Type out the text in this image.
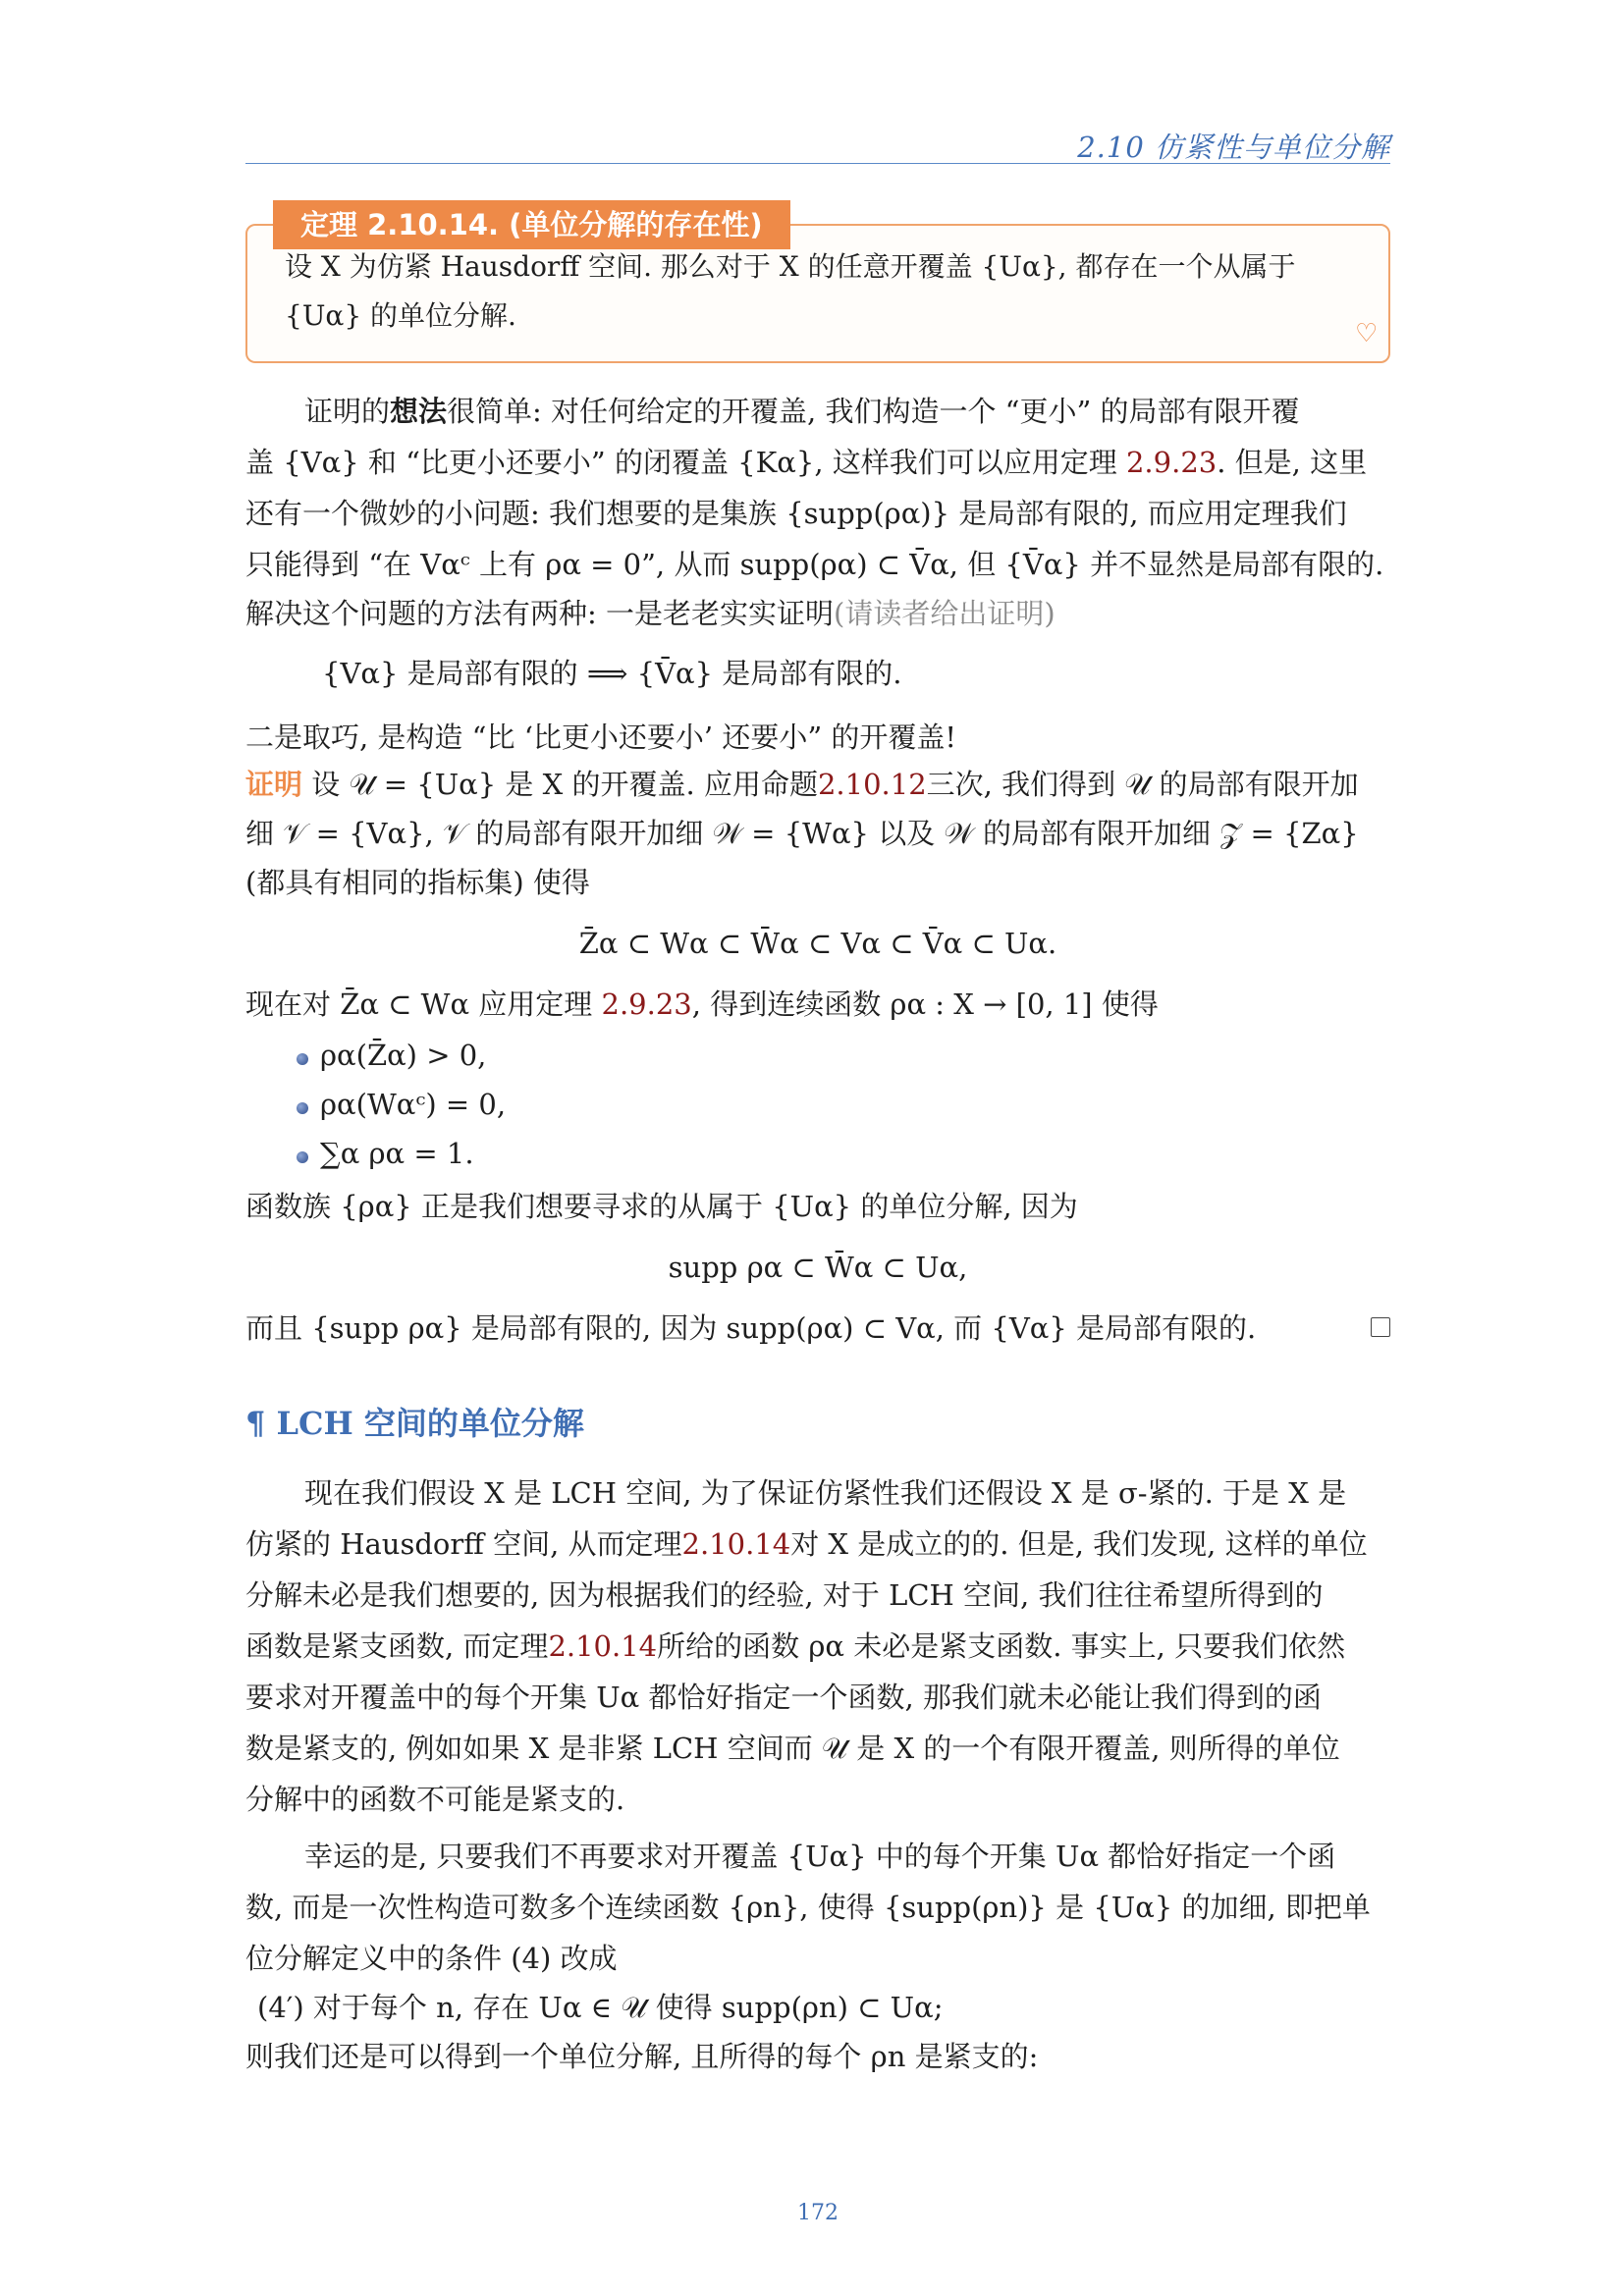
2.10 仿紧性与单位分解
定理 2.10.14. (单位分解的存在性)
设 X 为仿紧 Hausdorff 空间. 那么对于 X 的任意开覆盖 {Uα}, 都存在一个从属于
{Uα} 的单位分解.
♡
证明的想法很简单: 对任何给定的开覆盖, 我们构造一个 “更小” 的局部有限开覆
盖 {Vα} 和 “比更小还要小” 的闭覆盖 {Kα}, 这样我们可以应用定理 2.9.23. 但是, 这里
还有一个微妙的小问题: 我们想要的是集族 {supp(ρα)} 是局部有限的, 而应用定理我们
只能得到 “在 Vαᶜ 上有 ρα = 0”, 从而 supp(ρα) ⊂ V̄α, 但 {V̄α} 并不显然是局部有限的.
解决这个问题的方法有两种: 一是老老实实证明(请读者给出证明)
{Vα} 是局部有限的 ⟹ {V̄α} 是局部有限的.
二是取巧, 是构造 “比 ‘比更小还要小’ 还要小” 的开覆盖!
证明 设 𝒰 = {Uα} 是 X 的开覆盖. 应用命题2.10.12三次, 我们得到 𝒰 的局部有限开加
细 𝒱 = {Vα}, 𝒱 的局部有限开加细 𝒲 = {Wα} 以及 𝒲 的局部有限开加细 𝒵 = {Zα}
(都具有相同的指标集) 使得
Z̄α ⊂ Wα ⊂ W̄α ⊂ Vα ⊂ V̄α ⊂ Uα.
现在对 Z̄α ⊂ Wα 应用定理 2.9.23, 得到连续函数 ρα : X → [0, 1] 使得
ρα(Z̄α) > 0,
ρα(Wαᶜ) = 0,
∑α ρα = 1.
函数族 {ρα} 正是我们想要寻求的从属于 {Uα} 的单位分解, 因为
supp ρα ⊂ W̄α ⊂ Uα,
而且 {supp ρα} 是局部有限的, 因为 supp(ρα) ⊂ Vα, 而 {Vα} 是局部有限的.
¶ LCH 空间的单位分解
现在我们假设 X 是 LCH 空间, 为了保证仿紧性我们还假设 X 是 σ-紧的. 于是 X 是
仿紧的 Hausdorff 空间, 从而定理2.10.14对 X 是成立的的. 但是, 我们发现, 这样的单位
分解未必是我们想要的, 因为根据我们的经验, 对于 LCH 空间, 我们往往希望所得到的
函数是紧支函数, 而定理2.10.14所给的函数 ρα 未必是紧支函数. 事实上, 只要我们依然
要求对开覆盖中的每个开集 Uα 都恰好指定一个函数, 那我们就未必能让我们得到的函
数是紧支的, 例如如果 X 是非紧 LCH 空间而 𝒰 是 X 的一个有限开覆盖, 则所得的单位
分解中的函数不可能是紧支的.
幸运的是, 只要我们不再要求对开覆盖 {Uα} 中的每个开集 Uα 都恰好指定一个函
数, 而是一次性构造可数多个连续函数 {ρn}, 使得 {supp(ρn)} 是 {Uα} 的加细, 即把单
位分解定义中的条件 (4) 改成
(4′) 对于每个 n, 存在 Uα ∈ 𝒰 使得 supp(ρn) ⊂ Uα;
则我们还是可以得到一个单位分解, 且所得的每个 ρn 是紧支的:
172
